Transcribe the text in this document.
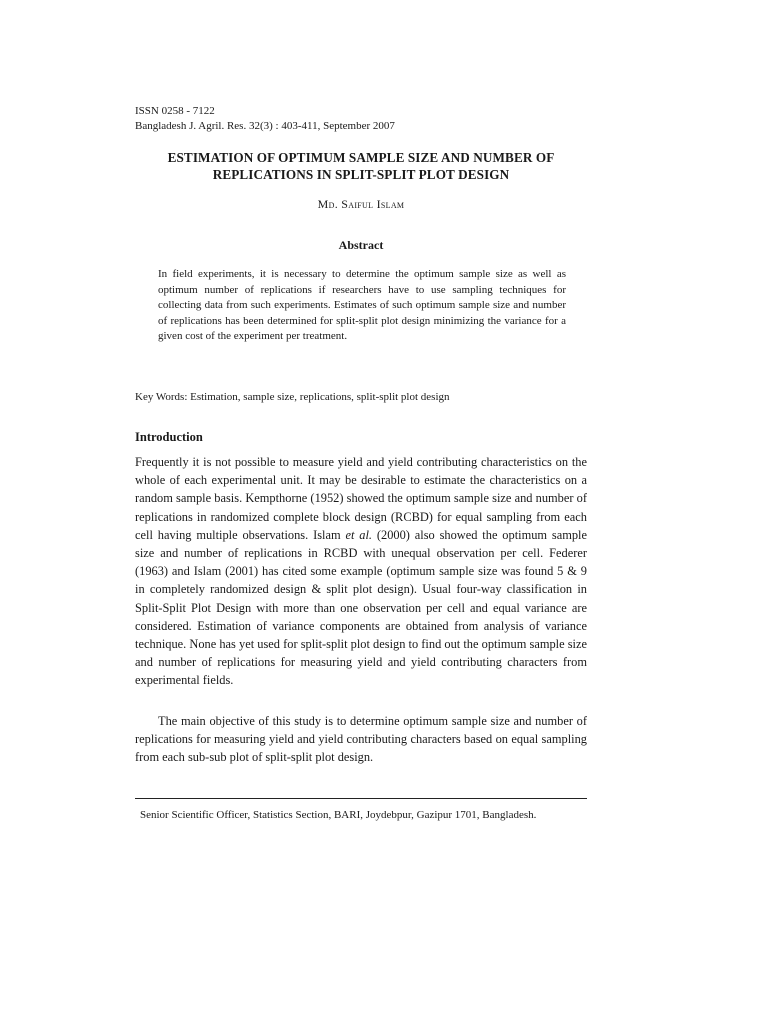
ISSN 0258 - 7122
Bangladesh J. Agril. Res. 32(3) : 403-411, September 2007
ESTIMATION OF OPTIMUM SAMPLE SIZE AND NUMBER OF
REPLICATIONS IN SPLIT-SPLIT PLOT DESIGN
Md. Saiful Islam
Abstract
In field experiments, it is necessary to determine the optimum sample size as well as optimum number of replications if researchers have to use sampling techniques for collecting data from such experiments. Estimates of such optimum sample size and number of replications has been determined for split-split plot design minimizing the variance for a given cost of the experiment per treatment.
Key Words: Estimation, sample size, replications, split-split plot design
Introduction
Frequently it is not possible to measure yield and yield contributing characteristics on the whole of each experimental unit. It may be desirable to estimate the characteristics on a random sample basis. Kempthorne (1952) showed the optimum sample size and number of replications in randomized complete block design (RCBD) for equal sampling from each cell having multiple observations. Islam et al. (2000) also showed the optimum sample size and number of replications in RCBD with unequal observation per cell. Federer (1963) and Islam (2001) has cited some example (optimum sample size was found 5 & 9 in completely randomized design & split plot design). Usual four-way classification in Split-Split Plot Design with more than one observation per cell and equal variance are considered. Estimation of variance components are obtained from analysis of variance technique. None has yet used for split-split plot design to find out the optimum sample size and number of replications for measuring yield and yield contributing characters from experimental fields.
The main objective of this study is to determine optimum sample size and number of replications for measuring yield and yield contributing characters based on equal sampling from each sub-sub plot of split-split plot design.
Senior Scientific Officer, Statistics Section, BARI, Joydebpur, Gazipur 1701, Bangladesh.
